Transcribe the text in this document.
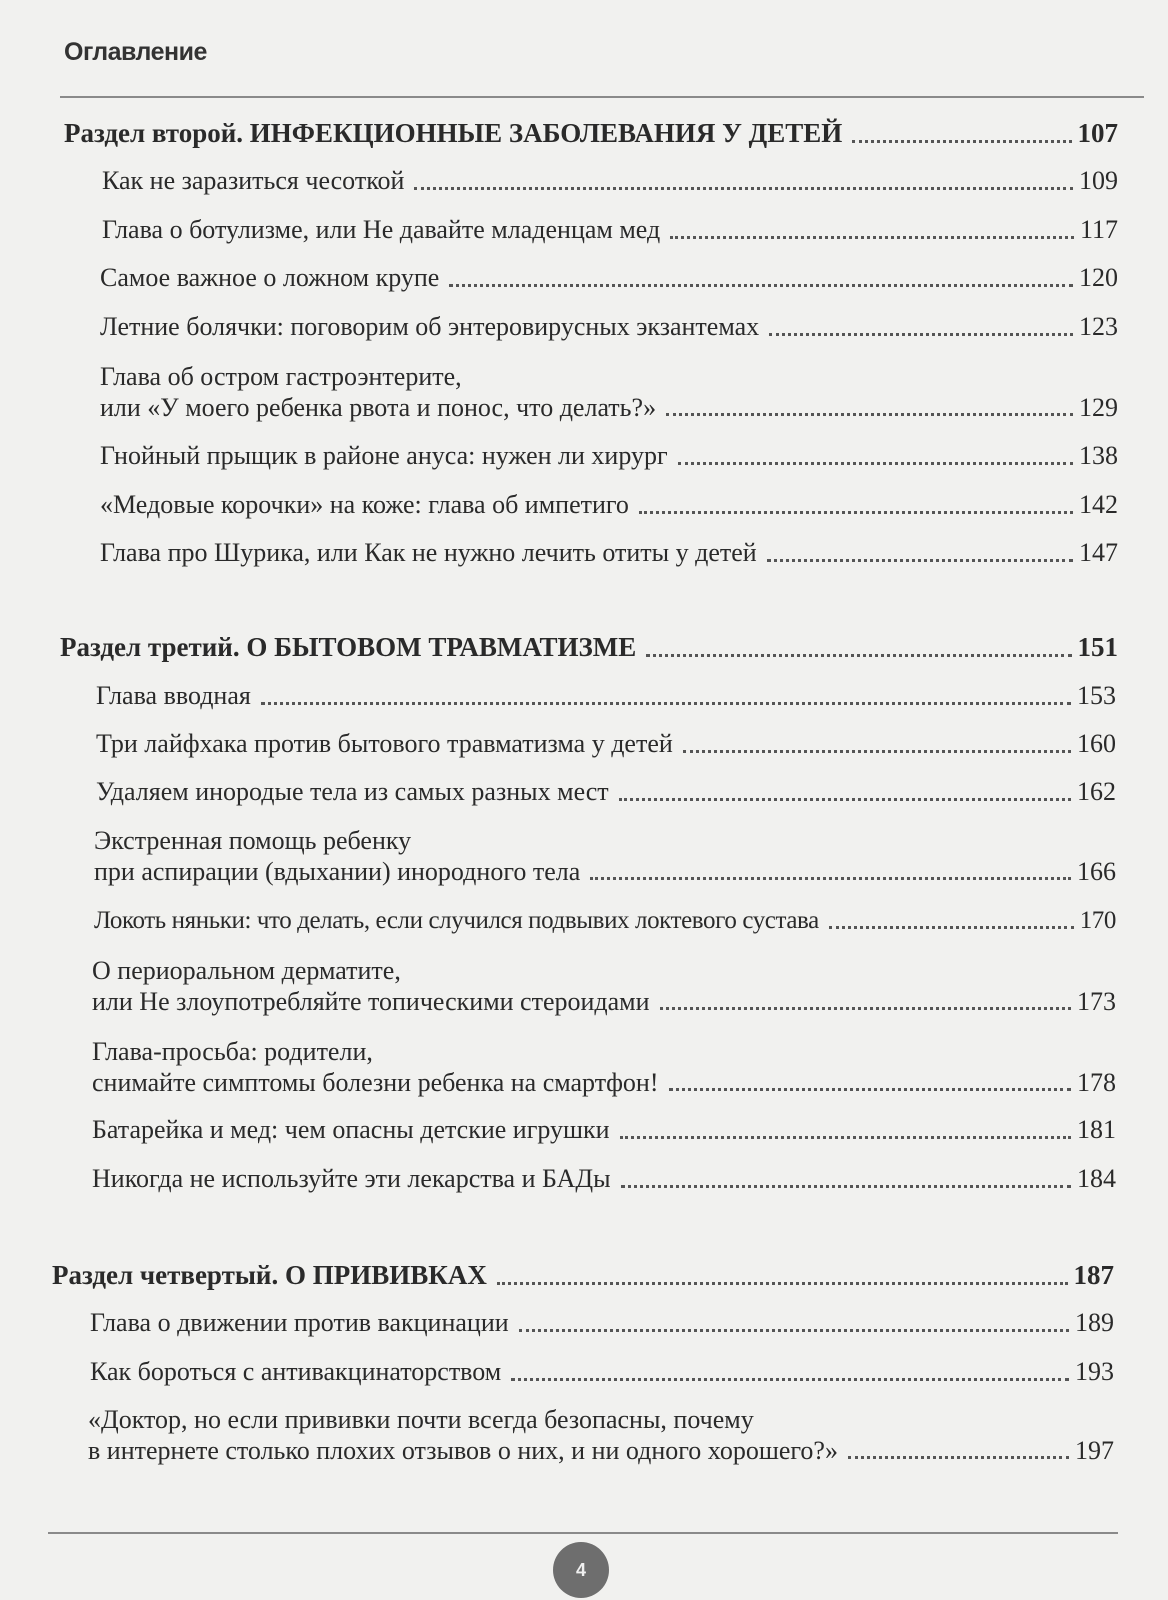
Оглавление
Раздел второй. ИНФЕКЦИОННЫЕ ЗАБОЛЕВАНИЯ У ДЕТЕЙ	107
Как не заразиться чесоткой	109
Глава о ботулизме, или Не давайте младенцам мед	117
Самое важное о ложном крупе	120
Летние болячки: поговорим об энтеровирусных экзантемах	123
Глава об остром гастроэнтерите,
или «У моего ребенка рвота и понос, что делать?»	129
Гнойный прыщик в районе ануса: нужен ли хирург	138
«Медовые корочки» на коже: глава об импетиго	142
Глава про Шурика, или Как не нужно лечить отиты у детей	147
Раздел третий. О БЫТОВОМ ТРАВМАТИЗМЕ	151
Глава вводная	153
Три лайфхака против бытового травматизма у детей	160
Удаляем инородые тела из самых разных мест	162
Экстренная помощь ребенку
при аспирации (вдыхании) инородного тела	166
Локоть няньки: что делать, если случился подвывих локтевого сустава	170
О периоральном дерматите,
или Не злоупотребляйте топическими стероидами	173
Глава-просьба: родители,
снимайте симптомы болезни ребенка на смартфон!	178
Батарейка и мед: чем опасны детские игрушки	181
Никогда не используйте эти лекарства и БАДы	184
Раздел четвертый. О ПРИВИВКАХ	187
Глава о движении против вакцинации	189
Как бороться с антивакцинаторством	193
«Доктор, но если прививки почти всегда безопасны, почему
в интернете столько плохих отзывов о них, и ни одного хорошего?»	197
4
